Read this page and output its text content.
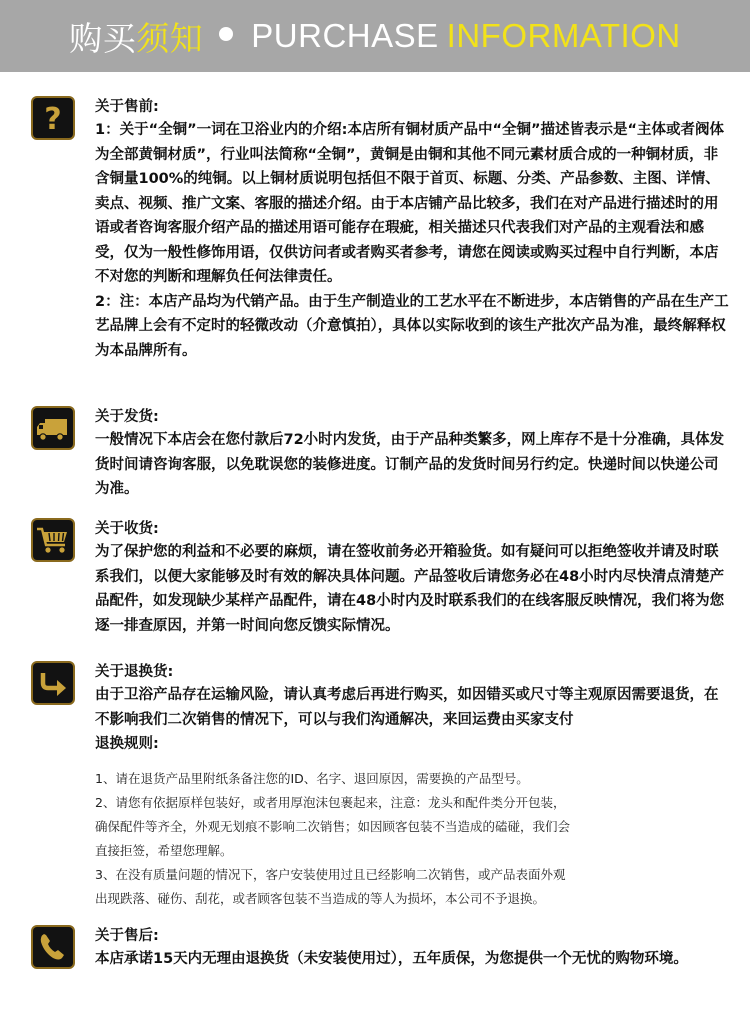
购买 须知 PURCHASE INFORMATION
? 关于售前:

1：关于“全铜”一词在卫浴业内的介绍:本店所有铜材质产品中“全铜”描述皆表示是“主体或者阀体为全部黄铜材质”，行业叫法简称“全铜”，黄铜是由铜和其他不同元素材质合成的一种铜材质，非含铜量100%的纯铜。以上铜材质说明包括但不限于首页、标题、分类、产品参数、主图、详情、卖点、视频、推广文案、客服的描述介绍。由于本店铺产品比较多，我们在对产品进行描述时的用语或者咨询客服介绍产品的描述用语可能存在瑕疵，相关描述只代表我们对产品的主观看法和感受，仅为一般性修饰用语，仅供访问者或者购买者参考，请您在阅读或购买过程中自行判断，本店不对您的判断和理解负任何法律责任。

2：注：本店产品均为代销产品。由于生产制造业的工艺水平在不断进步，本店销售的产品在生产工艺品牌上会有不定时的轻微改动（介意慎拍），具体以实际收到的该生产批次产品为准，最终解释权为本品牌所有。

关于发货:

一般情况下本店会在您付款后72小时内发货，由于产品种类繁多，网上库存不是十分准确，具体发货时间请咨询客服，以免耽误您的装修进度。订制产品的发货时间另行约定。快递时间以快递公司为准。

关于收货:

为了保护您的利益和不必要的麻烦，请在签收前务必开箱验货。如有疑问可以拒绝签收并请及时联系我们，以便大家能够及时有效的解决具体问题。产品签收后请您务必在48小时内尽快清点清楚产品配件，如发现缺少某样产品配件，请在48小时内及时联系我们的在线客服反映情况，我们将为您逐一排查原因，并第一时间向您反馈实际情况。

关于退换货:

由于卫浴产品存在运输风险，请认真考虑后再进行购买，如因错买或尺寸等主观原因需要退货，在不影响我们二次销售的情况下，可以与我们沟通解决，来回运费由买家支付

退换规则:

1、请在退货产品里附纸条备注您的ID、名字、退回原因，需要换的产品型号。

2、请您有依据原样包装好，或者用厚泡沫包裹起来，注意：龙头和配件类分开包装，

确保配件等齐全，外观无划痕不影响二次销售；如因顾客包装不当造成的磕碰，我们会

直接拒签，希望您理解。

3、在没有质量问题的情况下，客户安装使用过且已经影响二次销售，或产品表面外观

出现跌落、碰伤、刮花，或者顾客包装不当造成的等人为损坏，本公司不予退换。

关于售后:

本店承诺15天内无理由退换货（未安装使用过），五年质保，为您提供一个无忧的购物环境。
